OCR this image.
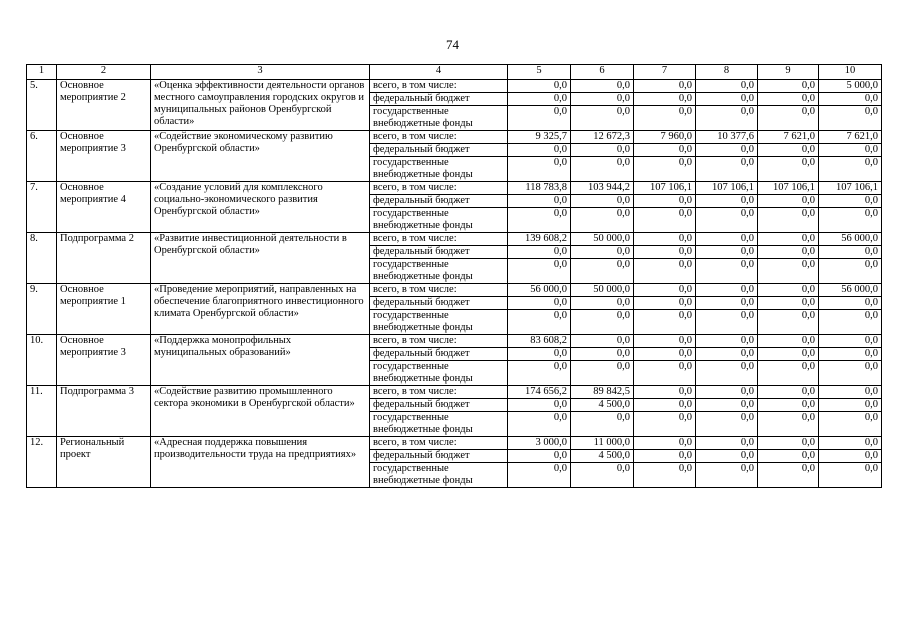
74
1	2	3	4	5	6	7	8	9	10
5.	Основное мероприятие 2	«Оценка эффективности деятельности органов местного самоуправления городских округов и муниципальных районов Оренбургской области»	всего, в том числе:	0,0	0,0	0,0	0,0	0,0	5 000,0
			федеральный бюджет	0,0	0,0	0,0	0,0	0,0	0,0
			государственные внебюджетные фонды	0,0	0,0	0,0	0,0	0,0	0,0
6.	Основное мероприятие 3	«Содействие экономическому развитию Оренбургской области»	всего, в том числе:	9 325,7	12 672,3	7 960,0	10 377,6	7 621,0	7 621,0
			федеральный бюджет	0,0	0,0	0,0	0,0	0,0	0,0
			государственные внебюджетные фонды	0,0	0,0	0,0	0,0	0,0	0,0
7.	Основное мероприятие 4	«Создание условий для комплексного социально-экономического развития Оренбургской области»	всего, в том числе:	118 783,8	103 944,2	107 106,1	107 106,1	107 106,1	107 106,1
			федеральный бюджет	0,0	0,0	0,0	0,0	0,0	0,0
			государственные внебюджетные фонды	0,0	0,0	0,0	0,0	0,0	0,0
8.	Подпрограмма 2	«Развитие инвестиционной деятельности в Оренбургской области»	всего, в том числе:	139 608,2	50 000,0	0,0	0,0	0,0	56 000,0
			федеральный бюджет	0,0	0,0	0,0	0,0	0,0	0,0
			государственные внебюджетные фонды	0,0	0,0	0,0	0,0	0,0	0,0
9.	Основное мероприятие 1	«Проведение мероприятий, направленных на обеспечение благоприятного инвестиционного климата Оренбургской области»	всего, в том числе:	56 000,0	50 000,0	0,0	0,0	0,0	56 000,0
			федеральный бюджет	0,0	0,0	0,0	0,0	0,0	0,0
			государственные внебюджетные фонды	0,0	0,0	0,0	0,0	0,0	0,0
10.	Основное мероприятие 3	«Поддержка монопрофильных муниципальных образований»	всего, в том числе:	83 608,2	0,0	0,0	0,0	0,0	0,0
			федеральный бюджет	0,0	0,0	0,0	0,0	0,0	0,0
			государственные внебюджетные фонды	0,0	0,0	0,0	0,0	0,0	0,0
11.	Подпрограмма 3	«Содействие развитию промышленного сектора экономики в Оренбургской области»	всего, в том числе:	174 656,2	89 842,5	0,0	0,0	0,0	0,0
			федеральный бюджет	0,0	4 500,0	0,0	0,0	0,0	0,0
			государственные внебюджетные фонды	0,0	0,0	0,0	0,0	0,0	0,0
12.	Региональный проект	«Адресная поддержка повышения производительности труда на предприятиях»	всего, в том числе:	3 000,0	11 000,0	0,0	0,0	0,0	0,0
			федеральный бюджет	0,0	4 500,0	0,0	0,0	0,0	0,0
			государственные внебюджетные фонды	0,0	0,0	0,0	0,0	0,0	0,0
